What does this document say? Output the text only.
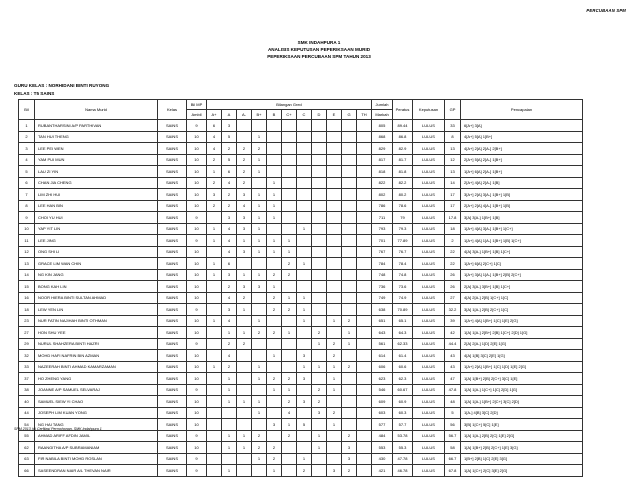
PERCUBAAN SPM
SMK INDAHPURA 1
ANALISIS KEPUTUSAN PEPERIKSAAN MURID
PEPERIKSAAN PERCUBAAN SPM TAHUN 2013
GURU KELAS : NORHIDANI BINTI RUYONG
KELAS : T5 SAINS
Bil	Nama Murid	Kelas	Bil MP	Bilangan Gred											Jumlah	Peratus	Keputusan	GP	Pencapaian
			Ambil	A+	A	A-	B+	B	C+	C	D	E	G	TH	Markah				
1	RUBANTHARSINI A/P PARTHIVAN	SAINS	9	6	3										805	89.44	LULUS	33	6[A+] 3[A]
2	TAN HUI THENG	SAINS	10	4	5		1								868	86.8	LULUS	8	4[A+] 5[A] 1[B+]
3	LEE PEI WEN	SAINS	10	4	2	2	2								829	82.9	LULUS	13	4[A+] 2[A] 2[A-] 2[B+]
4	YAM PUI MUN	SAINS	10	2	5	2	1								817	81.7	LULUS	12	2[A+] 5[A] 2[A-] 1[B+]
5	LAU ZI YIN	SAINS	10	1	6	2	1								818	81.8	LULUS	13	1[A+] 6[A] 2[A-] 1[B+]
6	CHAN JIA CHENG	SAINS	10	2	4	2		1							822	82.2	LULUS	14	2[A+] 4[A] 2[A-] 1[B]
7	LIM ZHI HUI	SAINS	10	3	2	3	1	1							802	80.2	LULUS	17	3[A+] 2[A] 3[A-] 1[B+] 1[B]
8	LEE HAN BIN	SAINS	10	2	2	4	1	1							786	78.6	LULUS	17	2[A+] 2[A] 4[A-] 1[B+] 1[B]
9	CHOI YU HUI	SAINS	9		3	3	1	1							711	79	LULUS	17.8	3[A] 3[A-] 1[B+] 1[B]
10	YAP YIT LIN	SAINS	10	1	4	3	1			1					793	79.3	LULUS	18	1[A+] 4[A] 3[A-] 1[B+] 1[C+]
11	LEE JING	SAINS	9	1	4	1	1	1	1						701	77.89	LULUS	2	1[A+] 4[A] 1[A-] 1[B+] 1[B] 1[C+]
12	ONG SHI LI	SAINS	10		4	3	1	1	1						767	76.7	LULUS	22	4[A] 3[A-] 1[B+] 1[B] 1[C+]
13	GRACE LIM WAN CHIN	SAINS	10	1	6				2	1					784	78.4	LULUS	22	1[A+] 6[A] 2[C+] 1[C]
14	NG KIN JANG	SAINS	10	1	3	1	1	2	2						748	74.8	LULUS	26	1[A+] 3[A] 1[A-] 1[B+] 2[B] 2[C+]
15	BONG KAH LIN	SAINS	10		2	3	3	1							736	73.6	LULUS	26	2[A] 3[A-] 3[B+] 1[B] 1[C+]
16	NOOR HIERA BINTI SULTAN AHMAD	SAINS	10		4	2		2	1	1					749	74.9	LULUS	27	4[A] 2[A-] 2[B] 1[C+] 1[C]
18	LEW YEN LIN	SAINS	9		3	1		2	2	1					638	70.89	LULUS	32.2	3[A] 1[A-] 2[B] 2[C+] 1[C]
23	NUR FATIN NAJIHAH BINTI OTHMAN	SAINS	10	1	4		1			1		1	2		651	65.1	LULUS	39	1[A+] 4[A] 1[B+] 1[C] 1[E] 2[G]
27	HON SHU YEE	SAINS	10		1	1	2	2	1		2		1		643	64.3	LULUS	42	1[A] 1[A-] 2[B+] 2[B] 1[C+] 2[D] 1[G]
29	NURUL SHAHZERA BINTI HAZRI	SAINS	9		2	2					1	2	1		561	62.33	LULUS	44.4	2[A] 2[A-] 1[D] 2[E] 1[G]
32	MOHD HAFI NAFRIN BIN AZMAN	SAINS	10		4			1		3		2			614	61.4	LULUS	43	4[A] 1[B] 3[C] 2[E] 1[G]
33	NAZEERAH BINTI AHMAD KAMARZAMAN	SAINS	10	1	2		1			1	1	1	2		606	60.6	LULUS	43	1[A+] 2[A] 1[B+] 1[C] 1[D] 1[E] 2[G]
37	HO ZHENG YANG	SAINS	10		1		1	2	2	3		1			623	62.3	LULUS	47	1[A] 1[B+] 2[B] 2[C+] 3[C] 1[E]
38	JOANNE A/P SAMUEL SELVARAJ	SAINS	9		1			1	1		2	1			546	60.67	LULUS	47.8	1[A] 1[A-] 1[C+] 1[C] 2[D] 1[G]
40	SAMUEL SIEW YI CHAO	SAINS	10		1	1	1		2	3	2				609	60.9	LULUS	48	1[A] 1[A-] 1[B+] 2[C+] 3[C] 2[D]
44	JOSEPH LIM KUAN YONG	SAINS	10				1		4		3	2			603	60.3	LULUS	5	1[A-] 4[B] 3[C] 2[D]
54	NG HAI TANG	SAINS	10					3	1	5		1			577	57.7	LULUS	56	3[B] 1[C+] 5[C] 1[E]
55	AHMAD ARIFF AFDIN JAMIL	SAINS	9		1	1	2		2		1		2		484	53.78	LULUS	56.7	1[A] 1[A-] 2[B] 2[C] 1[E] 2[G]
62	RAANGITHA A/P SUBRAMANIAM	SAINS	10		1	1	2	2			1		3		553	55.3	LULUS	58	1[A] 1[B+] 2[B] 2[C+] 1[E] 3[G]
63	FIR NABILA BINTI MOHD ROSLAN	SAINS	9				1	2		1			3		430	47.78	LULUS	66.7	1[B+] 2[B] 1[C] 2[E] 3[G]
66	SASEENDRAN NAIR A/L THEVAN NAIR	SAINS	9		1			1		2		3	2		421	46.78	LULUS	67.8	1[A] 1[C+] 2[C] 3[E] 2[G]
SPM 2013 (c) Cerfitasi Permohonan, SMK Indahpura 1
